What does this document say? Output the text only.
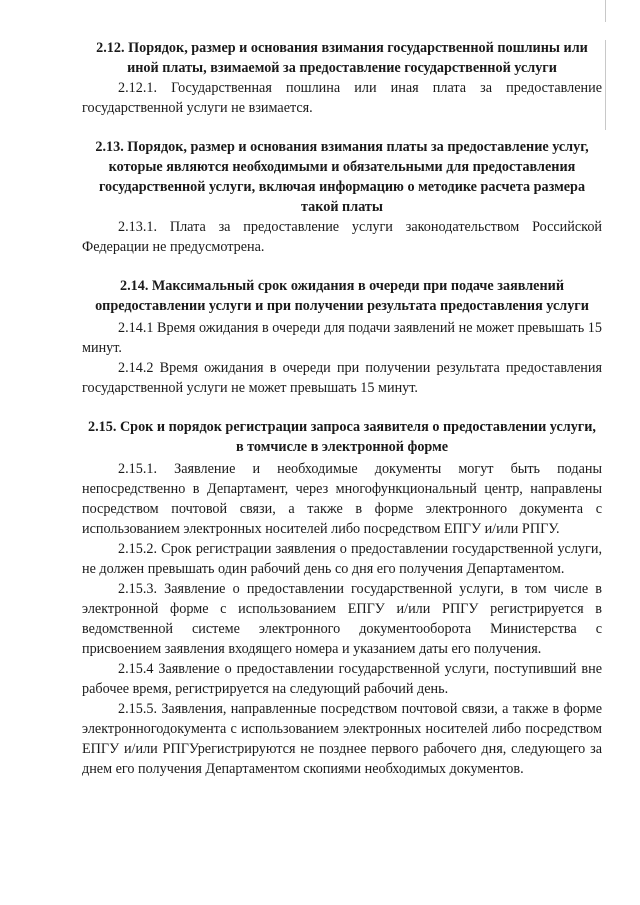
2.12. Порядок, размер и основания взимания государственной пошлины или иной платы, взимаемой за предоставление государственной услуги

2.12.1. Государственная пошлина или иная плата за предоставление государственной услуги не взимается.

2.13. Порядок, размер и основания взимания платы за предоставление услуг, которые являются необходимыми и обязательными для предоставления государственной услуги, включая информацию о методике расчета размера такой платы

2.13.1. Плата за предоставление услуги законодательством Российской Федерации не предусмотрена.

2.14. Максимальный срок ожидания в очереди при подаче заявлений опредоставлении услуги и при получении результата предоставления услуги

2.14.1 Время ожидания в очереди для подачи заявлений не может превышать 15 минут.

2.14.2 Время ожидания в очереди при получении результата предоставления государственной услуги не может превышать 15 минут.

2.15. Срок и порядок регистрации запроса заявителя о предоставлении услуги, в томчисле в электронной форме

2.15.1. Заявление и необходимые документы могут быть поданы непосредственно в Департамент, через многофункциональный центр, направлены посредством почтовой связи, а также в форме электронного документа с использованием электронных носителей либо посредством ЕПГУ и/или РПГУ.

2.15.2. Срок регистрации заявления о предоставлении государственной услуги, не должен превышать один рабочий день со дня его получения Департаментом.

2.15.3. Заявление о предоставлении государственной услуги, в том числе в электронной форме с использованием ЕПГУ и/или РПГУ регистрируется в ведомственной системе электронного документооборота Министерства с присвоением заявления входящего номера и указанием даты его получения.

2.15.4 Заявление о предоставлении государственной услуги, поступивший вне рабочее время, регистрируется на следующий рабочий день.

2.15.5. Заявления, направленные посредством почтовой связи, а также в форме электронногодокумента с использованием электронных носителей либо посредством ЕПГУ и/или РПГУрегистрируются не позднее первого рабочего дня, следующего за днем его получения Департаментом скопиями необходимых документов.
